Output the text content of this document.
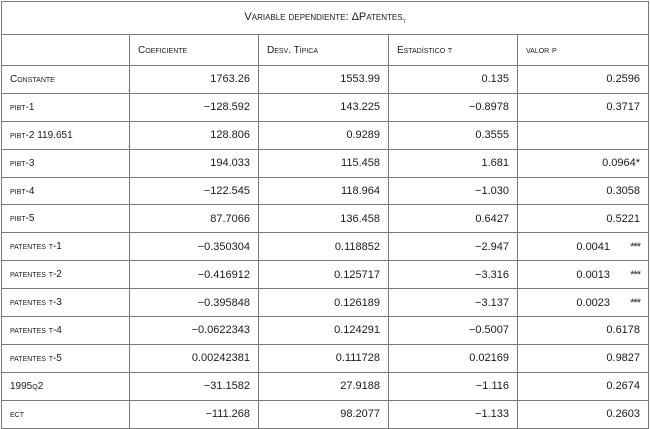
Variable dependiente: ΔPatentes$_t$
	Coeficiente	Desv. Típica	Estadístico t	valor p
Constante	1763.26	1553.99	0.135	0.2596
pibt-1	−128.592	143.225	−0.8978	0.3717
pibt-2 119.651	128.806	0.9289	0.3555	
pibt-3	194.033	115.458	1.681	0.0964*
pibt-4	−122.545	118.964	−1.030	0.3058
pibt-5	87.7066	136.458	0.6427	0.5221
patentes t-1	−0.350304	0.118852	−2.947	0.0041 ***
patentes t-2	−0.416912	0.125717	−3.316	0.0013 ***
patentes t-3	−0.395848	0.126189	−3.137	0.0023 ***
patentes t-4	−0.0622343	0.124291	−0.5007	0.6178
patentes t-5	0.00242381	0.111728	0.02169	0.9827
1995q2	−31.1582	27.9188	−1.116	0.2674
ect	−111.268	98.2077	−1.133	0.2603
